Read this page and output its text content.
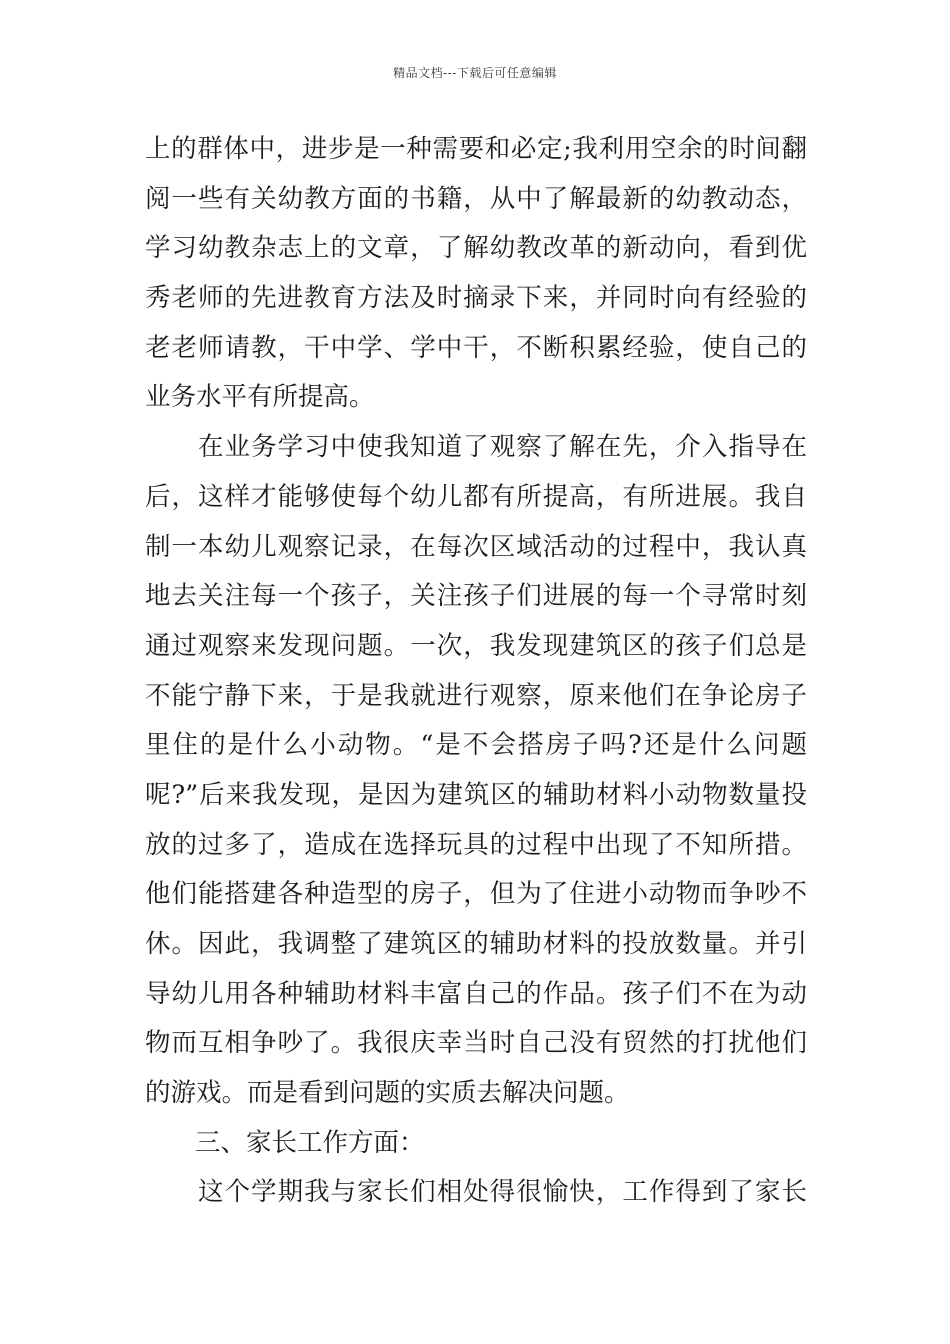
精品文档---下载后可任意编辑
上的群体中，进步是一种需要和必定;我利用空余的时间翻
阅一些有关幼教方面的书籍，从中了解最新的幼教动态，
学习幼教杂志上的文章，了解幼教改革的新动向，看到优
秀老师的先进教育方法及时摘录下来，并同时向有经验的
老老师请教，干中学、学中干，不断积累经验，使自己的
业务水平有所提高。
在业务学习中使我知道了观察了解在先，介入指导在
后，这样才能够使每个幼儿都有所提高，有所进展。我自
制一本幼儿观察记录，在每次区域活动的过程中，我认真
地去关注每一个孩子，关注孩子们进展的每一个寻常时刻
通过观察来发现问题。一次，我发现建筑区的孩子们总是
不能宁静下来，于是我就进行观察，原来他们在争论房子
里住的是什么小动物。“是不会搭房子吗?还是什么问题
呢?”后来我发现，是因为建筑区的辅助材料小动物数量投
放的过多了，造成在选择玩具的过程中出现了不知所措。
他们能搭建各种造型的房子，但为了住进小动物而争吵不
休。因此，我调整了建筑区的辅助材料的投放数量。并引
导幼儿用各种辅助材料丰富自己的作品。孩子们不在为动
物而互相争吵了。我很庆幸当时自己没有贸然的打扰他们
的游戏。而是看到问题的实质去解决问题。
三、家长工作方面：
这个学期我与家长们相处得很愉快，工作得到了家长
